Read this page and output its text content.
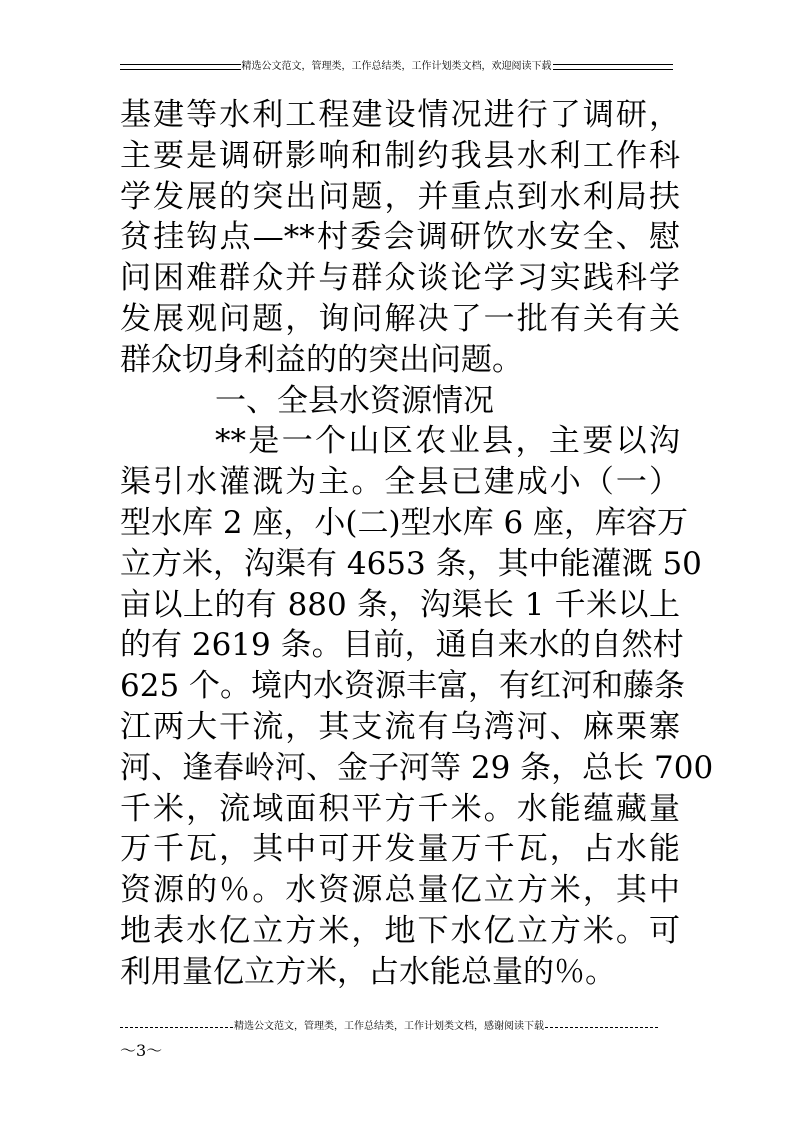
精选公文范文，管理类，工作总结类，工作计划类文档，欢迎阅读下载
基建等水利工程建设情况进行了调研，
主要是调研影响和制约我县水利工作科
学发展的突出问题，并重点到水利局扶
贫挂钩点—**村委会调研饮水安全、慰
问困难群众并与群众谈论学习实践科学
发展观问题，询问解决了一批有关有关
群众切身利益的的突出问题。
一、全县水资源情况
**是一个山区农业县，主要以沟
渠引水灌溉为主。全县已建成小（一）
型水库 2 座，小(二)型水库 6 座，库容万
立方米，沟渠有 4653 条，其中能灌溉 50
亩以上的有 880 条，沟渠长 1 千米以上
的有 2619 条。目前，通自来水的自然村
625 个。境内水资源丰富，有红河和藤条
江两大干流，其支流有乌湾河、麻栗寨
河、逢春岭河、金子河等 29 条，总长 700
千米，流域面积平方千米。水能蕴藏量
万千瓦，其中可开发量万千瓦，占水能
资源的％。水资源总量亿立方米，其中
地表水亿立方米，地下水亿立方米。可
利用量亿立方米，占水能总量的％。
精选公文范文，管理类，工作总结类，工作计划类文档，感谢阅读下载
～3～
